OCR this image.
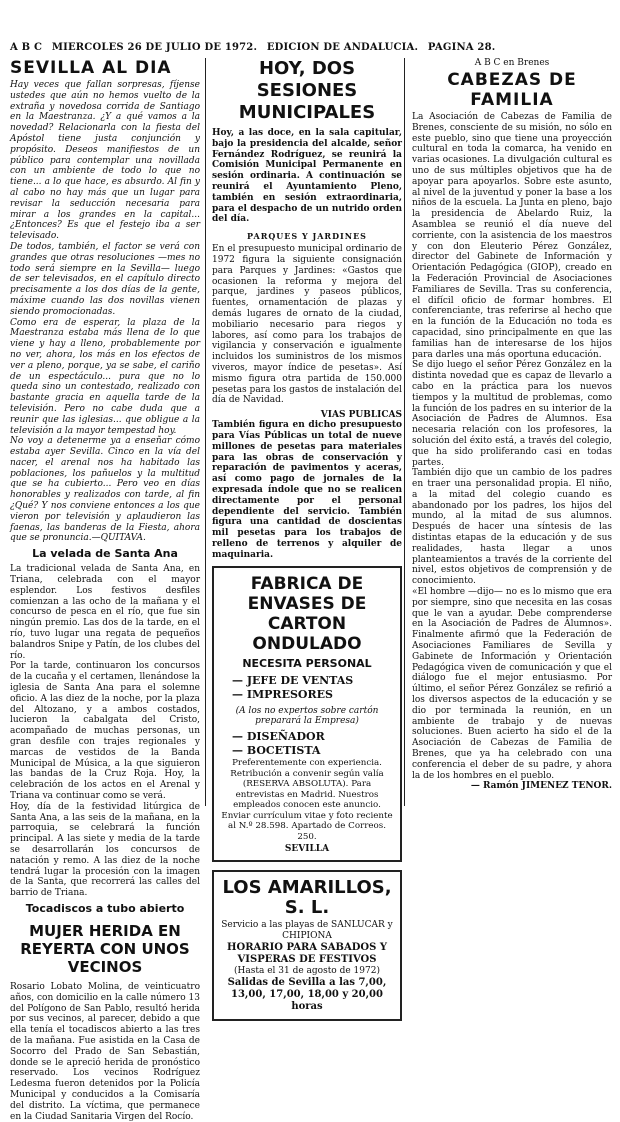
A B C MIERCOLES 26 DE JULIO DE 1972. EDICION DE ANDALUCIA. PAGINA 28.
SEVILLA AL DIA
Hay veces que fallan sorpresas, fíjense ustedes que aún no hemos vuelto de la extraña y novedosa corrida de Santiago en la Maestranza. ¿Y a qué vamos a la novedad? Relacionarla con la fiesta del Apóstol tiene justa conjunción y propósito. Deseos manifiestos de un público para contemplar una novillada con un ambiente de todo lo que no tiene... a lo que hace, es absurdo. Al fin y al cabo no hay más que un lugar para revisar la seducción necesaria para mirar a los grandes en la capital... ¿Entonces? Es que el festejo iba a ser televisado.
De todos, también, el factor se verá con grandes que otras resoluciones —mes no todo será siempre en la Sevilla— luego de ser televisados, en el capítulo directo precisamente a los dos días de la gente, máxime cuando las dos novillas vienen siendo promocionadas.
Como era de esperar, la plaza de la Maestranza estaba más llena de lo que viene y hay a lleno, probablemente por no ver, ahora, los más en los efectos de ver a pleno, porque, ya se sabe, el cariño de un espectáculo... pura que no lo queda sino un contestado, realizado con bastante gracia en aquella tarde de la televisión. Pero no cabe duda que a reunir que las iglesias... que obligue a la televisión a la mayor tempestad hoy.
No voy a detenerme ya a enseñar cómo estaba ayer Sevilla. Cinco en la vía del nacer, el arenal nos ha habitado las poblaciones, los pañuelos y la multitud que se ha cubierto... Pero veo en días honorables y realizados con tarde, al fin ¿Qué? Y nos conviene entonces a los que vieron por televisión y aplaudieron las faenas, las banderas de la Fiesta, ahora que se pronuncia.—QUITAVA.
La velada de Santa Ana
La tradicional velada de Santa Ana, en Triana, celebrada con el mayor esplendor. Los festivos desfiles comienzan a las ocho de la mañana y el concurso de pesca en el río, que fue sin ningún premio. Las dos de la tarde, en el río, tuvo lugar una regata de pequeños balandros Snipe y Patín, de los clubes del río.
Por la tarde, continuaron los concursos de la cucaña y el certamen, llenándose la iglesia de Santa Ana para el solemne oficio. A las diez de la noche, por la plaza del Altozano, y a ambos costados, lucieron la cabalgata del Cristo, acompañado de muchas personas, un gran desfile con trajes regionales y marcas de vestidos de la Banda Municipal de Música, a la que siguieron las bandas de la Cruz Roja. Hoy, la celebración de los actos en el Arenal y Triana va continuar como se verá.
Hoy, día de la festividad litúrgica de Santa Ana, a las seis de la mañana, en la parroquia, se celebrará la función principal. A las siete y media de la tarde se desarrollarán los concursos de natación y remo. A las diez de la noche tendrá lugar la procesión con la imagen de la Santa, que recorrerá las calles del barrio de Triana.
Tocadiscos a tubo abierto
MUJER HERIDA EN REYERTA CON UNOS VECINOS
Rosario Lobato Molina, de veinticuatro años, con domicilio en la calle número 13 del Polígono de San Pablo, resultó herida por sus vecinos, al parecer, debido a que ella tenía el tocadiscos abierto a las tres de la mañana. Fue asistida en la Casa de Socorro del Prado de San Sebastián, donde se le apreció herida de pronóstico reservado. Los vecinos Rodríguez Ledesma fueron detenidos por la Policía Municipal y conducidos a la Comisaría del distrito. La víctima, que permanece en la Ciudad Sanitaria Virgen del Rocío.
HOY, DOS SESIONES MUNICIPALES
Hoy, a las doce, en la sala capitular, bajo la presidencia del alcalde, señor Fernández Rodríguez, se reunirá la Comisión Municipal Permanente en sesión ordinaria. A continuación se reunirá el Ayuntamiento Pleno, también en sesión extraordinaria, para el despacho de un nutrido orden del día.
PARQUES Y JARDINES
En el presupuesto municipal ordinario de 1972 figura la siguiente consignación para Parques y Jardines: «Gastos que ocasionen la reforma y mejora del parque, jardines y paseos públicos, fuentes, ornamentación de plazas y demás lugares de ornato de la ciudad, mobiliario necesario para riegos y labores, así como para los trabajos de vigilancia y conservación e igualmente incluidos los suministros de los mismos viveros, mayor índice de pesetas». Así mismo figura otra partida de 150.000 pesetas para los gastos de instalación del día de Navidad.
VIAS PUBLICAS
También figura en dicho presupuesto para Vías Públicas un total de nueve millones de pesetas para materiales para las obras de conservación y reparación de pavimentos y aceras, así como pago de jornales de la expresada índole que no se realicen directamente por el personal dependiente del servicio. También figura una cantidad de doscientas mil pesetas para los trabajos de relleno de terrenos y alquiler de maquinaria.
FABRICA DE ENVASES DE CARTON ONDULADO
NECESITA PERSONAL
— JEFE DE VENTAS
— IMPRESORES
(A los no expertos sobre cartón preparará la Empresa)
— DISEÑADOR
— BOCETISTA
Preferentemente con experiencia. Retribución a convenir según valía (RESERVA ABSOLUTA). Para entrevistas en Madrid. Nuestros empleados conocen este anuncio. Enviar currículum vitae y foto reciente al N.º 28.598. Apartado de Correos. 250.
SEVILLA
LOS AMARILLOS, S. L.
Servicio a las playas de SANLUCAR y CHIPIONA
HORARIO PARA SABADOS Y VISPERAS DE FESTIVOS
(Hasta el 31 de agosto de 1972)
Salidas de Sevilla a las 7,00, 13,00, 17,00, 18,00 y 20,00 horas
A B C en Brenes
CABEZAS DE FAMILIA
La Asociación de Cabezas de Familia de Brenes, consciente de su misión, no sólo en este pueblo, sino que tiene una proyección cultural en toda la comarca, ha venido en varias ocasiones. La divulgación cultural es uno de sus múltiples objetivos que ha de apoyar para apoyarlos. Sobre este asunto, al nivel de la juventud y poner la base a los niños de la escuela. La Junta en pleno, bajo la presidencia de Abelardo Ruiz, la Asamblea se reunió el día nueve del corriente, con la asistencia de los maestros y con don Eleuterio Pérez González, director del Gabinete de Información y Orientación Pedagógica (GIOP), creado en la Federación Provincial de Asociaciones Familiares de Sevilla. Tras su conferencia, el difícil oficio de formar hombres. El conferenciante, tras referirse al hecho que en la función de la Educación no toda es capacidad, sino principalmente en que las familias han de interesarse de los hijos para darles una más oportuna educación.
Se dijo luego el señor Pérez González en la distinta novedad que es capaz de llevarlo a cabo en la práctica para los nuevos tiempos y la multitud de problemas, como la función de los padres en su interior de la Asociación de Padres de Alumnos. Esa necesaria relación con los profesores, la solución del éxito está, a través del colegio, que ha sido proliferando casi en todas partes.
También dijo que un cambio de los padres en traer una personalidad propia. El niño, a la mitad del colegio cuando es abandonado por los padres, los hijos del mundo, al la mitad de sus alumnos. Después de hacer una síntesis de las distintas etapas de la educación y de sus realidades, hasta llegar a unos planteamientos a través de la corriente del nivel, estos objetivos de comprensión y de conocimiento.
«El hombre —dijo— no es lo mismo que era por siempre, sino que necesita en las cosas que le van a ayudar. Debe comprenderse en la Asociación de Padres de Alumnos». Finalmente afirmó que la Federación de Asociaciones Familiares de Sevilla y Gabinete de Información y Orientación Pedagógica viven de comunicación y que el diálogo fue el mejor entusiasmo. Por último, el señor Pérez González se refirió a los diversos aspectos de la educación y se dio por terminada la reunión, en un ambiente de trabajo y de nuevas soluciones. Buen acierto ha sido el de la Asociación de Cabezas de Familia de Brenes, que ya ha celebrado con una conferencia el deber de su padre, y ahora la de los hombres en el pueblo.
— Ramón JIMENEZ TENOR.
